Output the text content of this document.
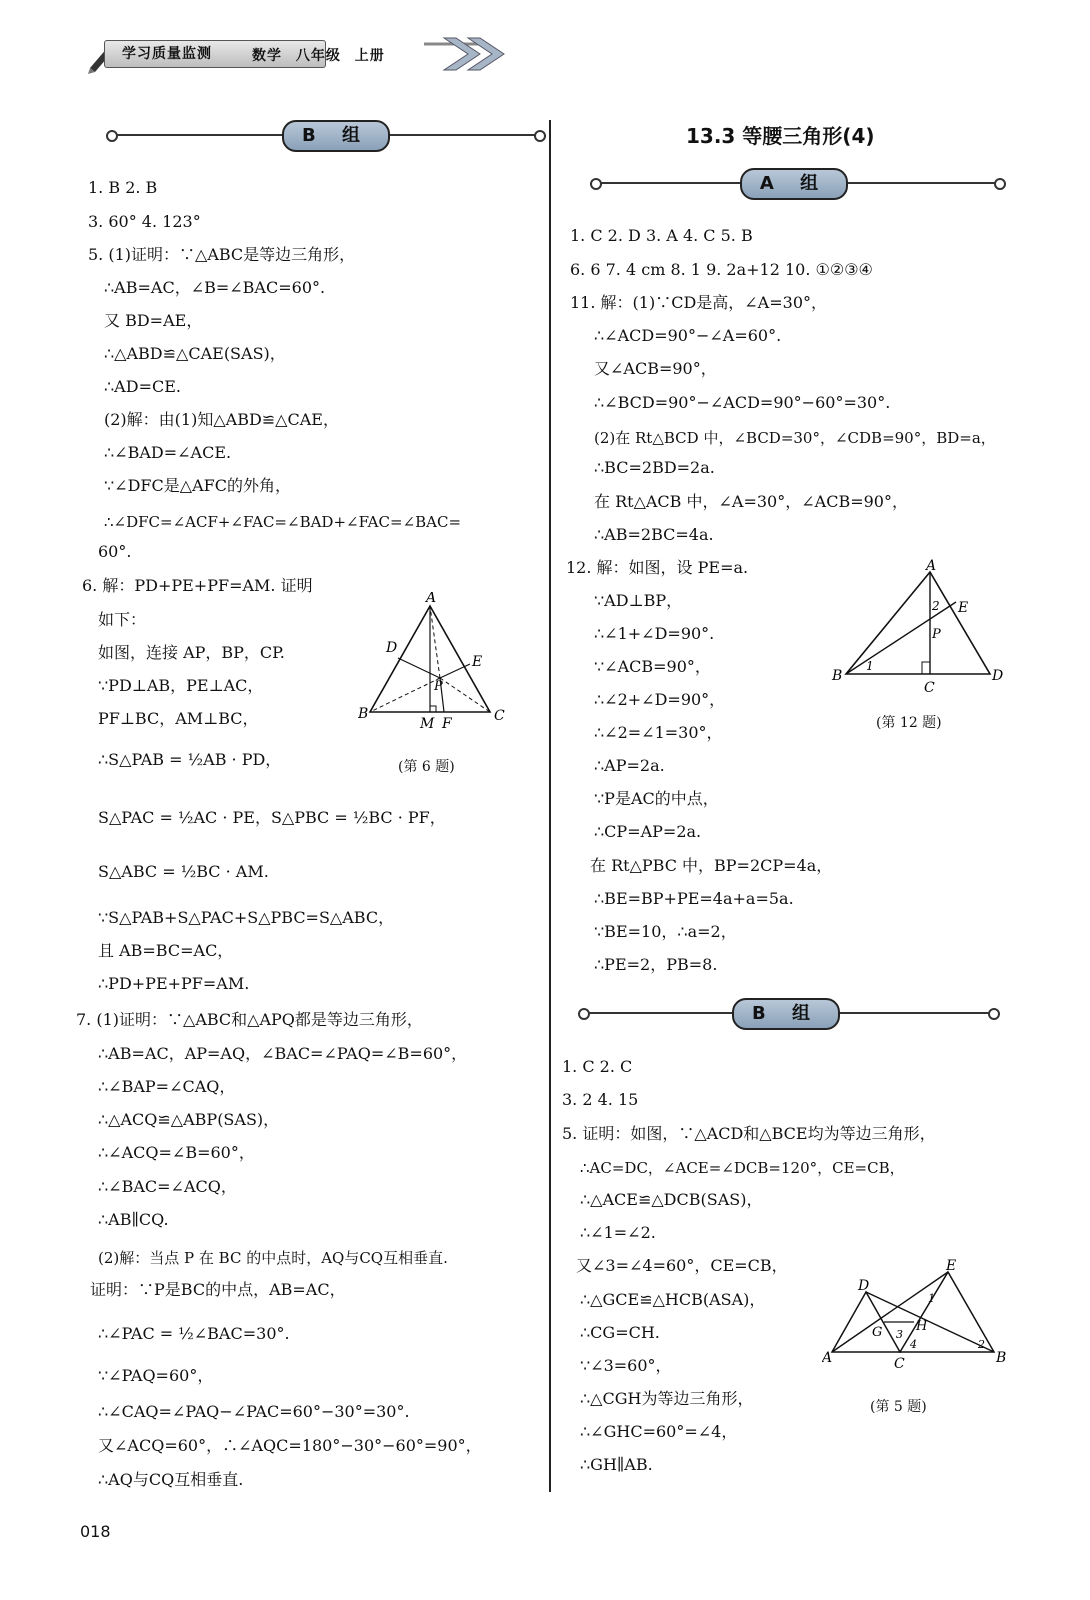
学习质量监测	数学 八年级 上册
B 组
1. B 2. B
3. 60° 4. 123°
5. (1)证明：∵△ABC是等边三角形，
∴AB=AC，∠B=∠BAC=60°.
又 BD=AE，
∴△ABD≌△CAE(SAS)，
∴AD=CE.
(2)解：由(1)知△ABD≌△CAE，
∴∠BAD=∠ACE.
∵∠DFC是△AFC的外角，
∴∠DFC=∠ACF+∠FAC=∠BAD+∠FAC=∠BAC=
60°.
6. 解：PD+PE+PF=AM. 证明
如下：
如图，连接 AP，BP，CP.
∵PD⊥AB，PE⊥AC，
PF⊥BC，AM⊥BC，
∴S△PAB = ½AB · PD，
S△PAC = ½AC · PE，S△PBC = ½BC · PF，
S△ABC = ½BC · AM.
∵S△PAB+S△PAC+S△PBC=S△ABC，
且 AB=BC=AC，
∴PD+PE+PF=AM.
7. (1)证明：∵△ABC和△APQ都是等边三角形，
∴AB=AC，AP=AQ，∠BAC=∠PAQ=∠B=60°，
∴∠BAP=∠CAQ，
∴△ACQ≌△ABP(SAS)，
∴∠ACQ=∠B=60°，
∴∠BAC=∠ACQ，
∴AB∥CQ.
(2)解：当点 P 在 BC 的中点时，AQ与CQ互相垂直.
证明：∵P是BC的中点，AB=AC，
∴∠PAC = ½∠BAC=30°.
∵∠PAQ=60°，
∴∠CAQ=∠PAQ−∠PAC=60°−30°=30°.
又∠ACQ=60°，∴∠AQC=180°−30°−60°=90°，
∴AQ与CQ互相垂直.
A
D
E
P
B
M F	C
(第 6 题)
13.3 等腰三角形(4)
A 组
1. C 2. D 3. A 4. C 5. B
6. 6 7. 4 cm 8. 1 9. 2a+12 10. ①②③④
11. 解：(1)∵CD是高，∠A=30°，
∴∠ACD=90°−∠A=60°.
又∠ACB=90°，
∴∠BCD=90°−∠ACD=90°−60°=30°.
(2)在 Rt△BCD 中，∠BCD=30°，∠CDB=90°，BD=a，
∴BC=2BD=2a.
在 Rt△ACB 中，∠A=30°，∠ACB=90°，
∴AB=2BC=4a.
12. 解：如图，设 PE=a.
∵AD⊥BP，
∴∠1+∠D=90°.
∵∠ACB=90°，
∴∠2+∠D=90°，
∴∠2=∠1=30°，
∴AP=2a.
∵P是AC的中点，
∴CP=AP=2a.
在 Rt△PBC 中，BP=2CP=4a，
∴BE=BP+PE=4a+a=5a.
∵BE=10，∴a=2，
∴PE=2，PB=8.
A
E
2
P
1
B
C
D
(第 12 题)
B 组
1. C 2. C
3. 2 4. 15
5. 证明：如图，∵△ACD和△BCE均为等边三角形，
∴AC=DC，∠ACE=∠DCB=120°，CE=CB，
∴△ACE≌△DCB(SAS)，
∴∠1=∠2.
又∠3=∠4=60°，CE=CB，
∴△GCE≌△HCB(ASA)，
∴CG=CH.
∵∠3=60°，
∴△CGH为等边三角形，
∴∠GHC=60°=∠4，
∴GH∥AB.
E
D
1
G 3
H
4	2
A	C	B
(第 5 题)
018
